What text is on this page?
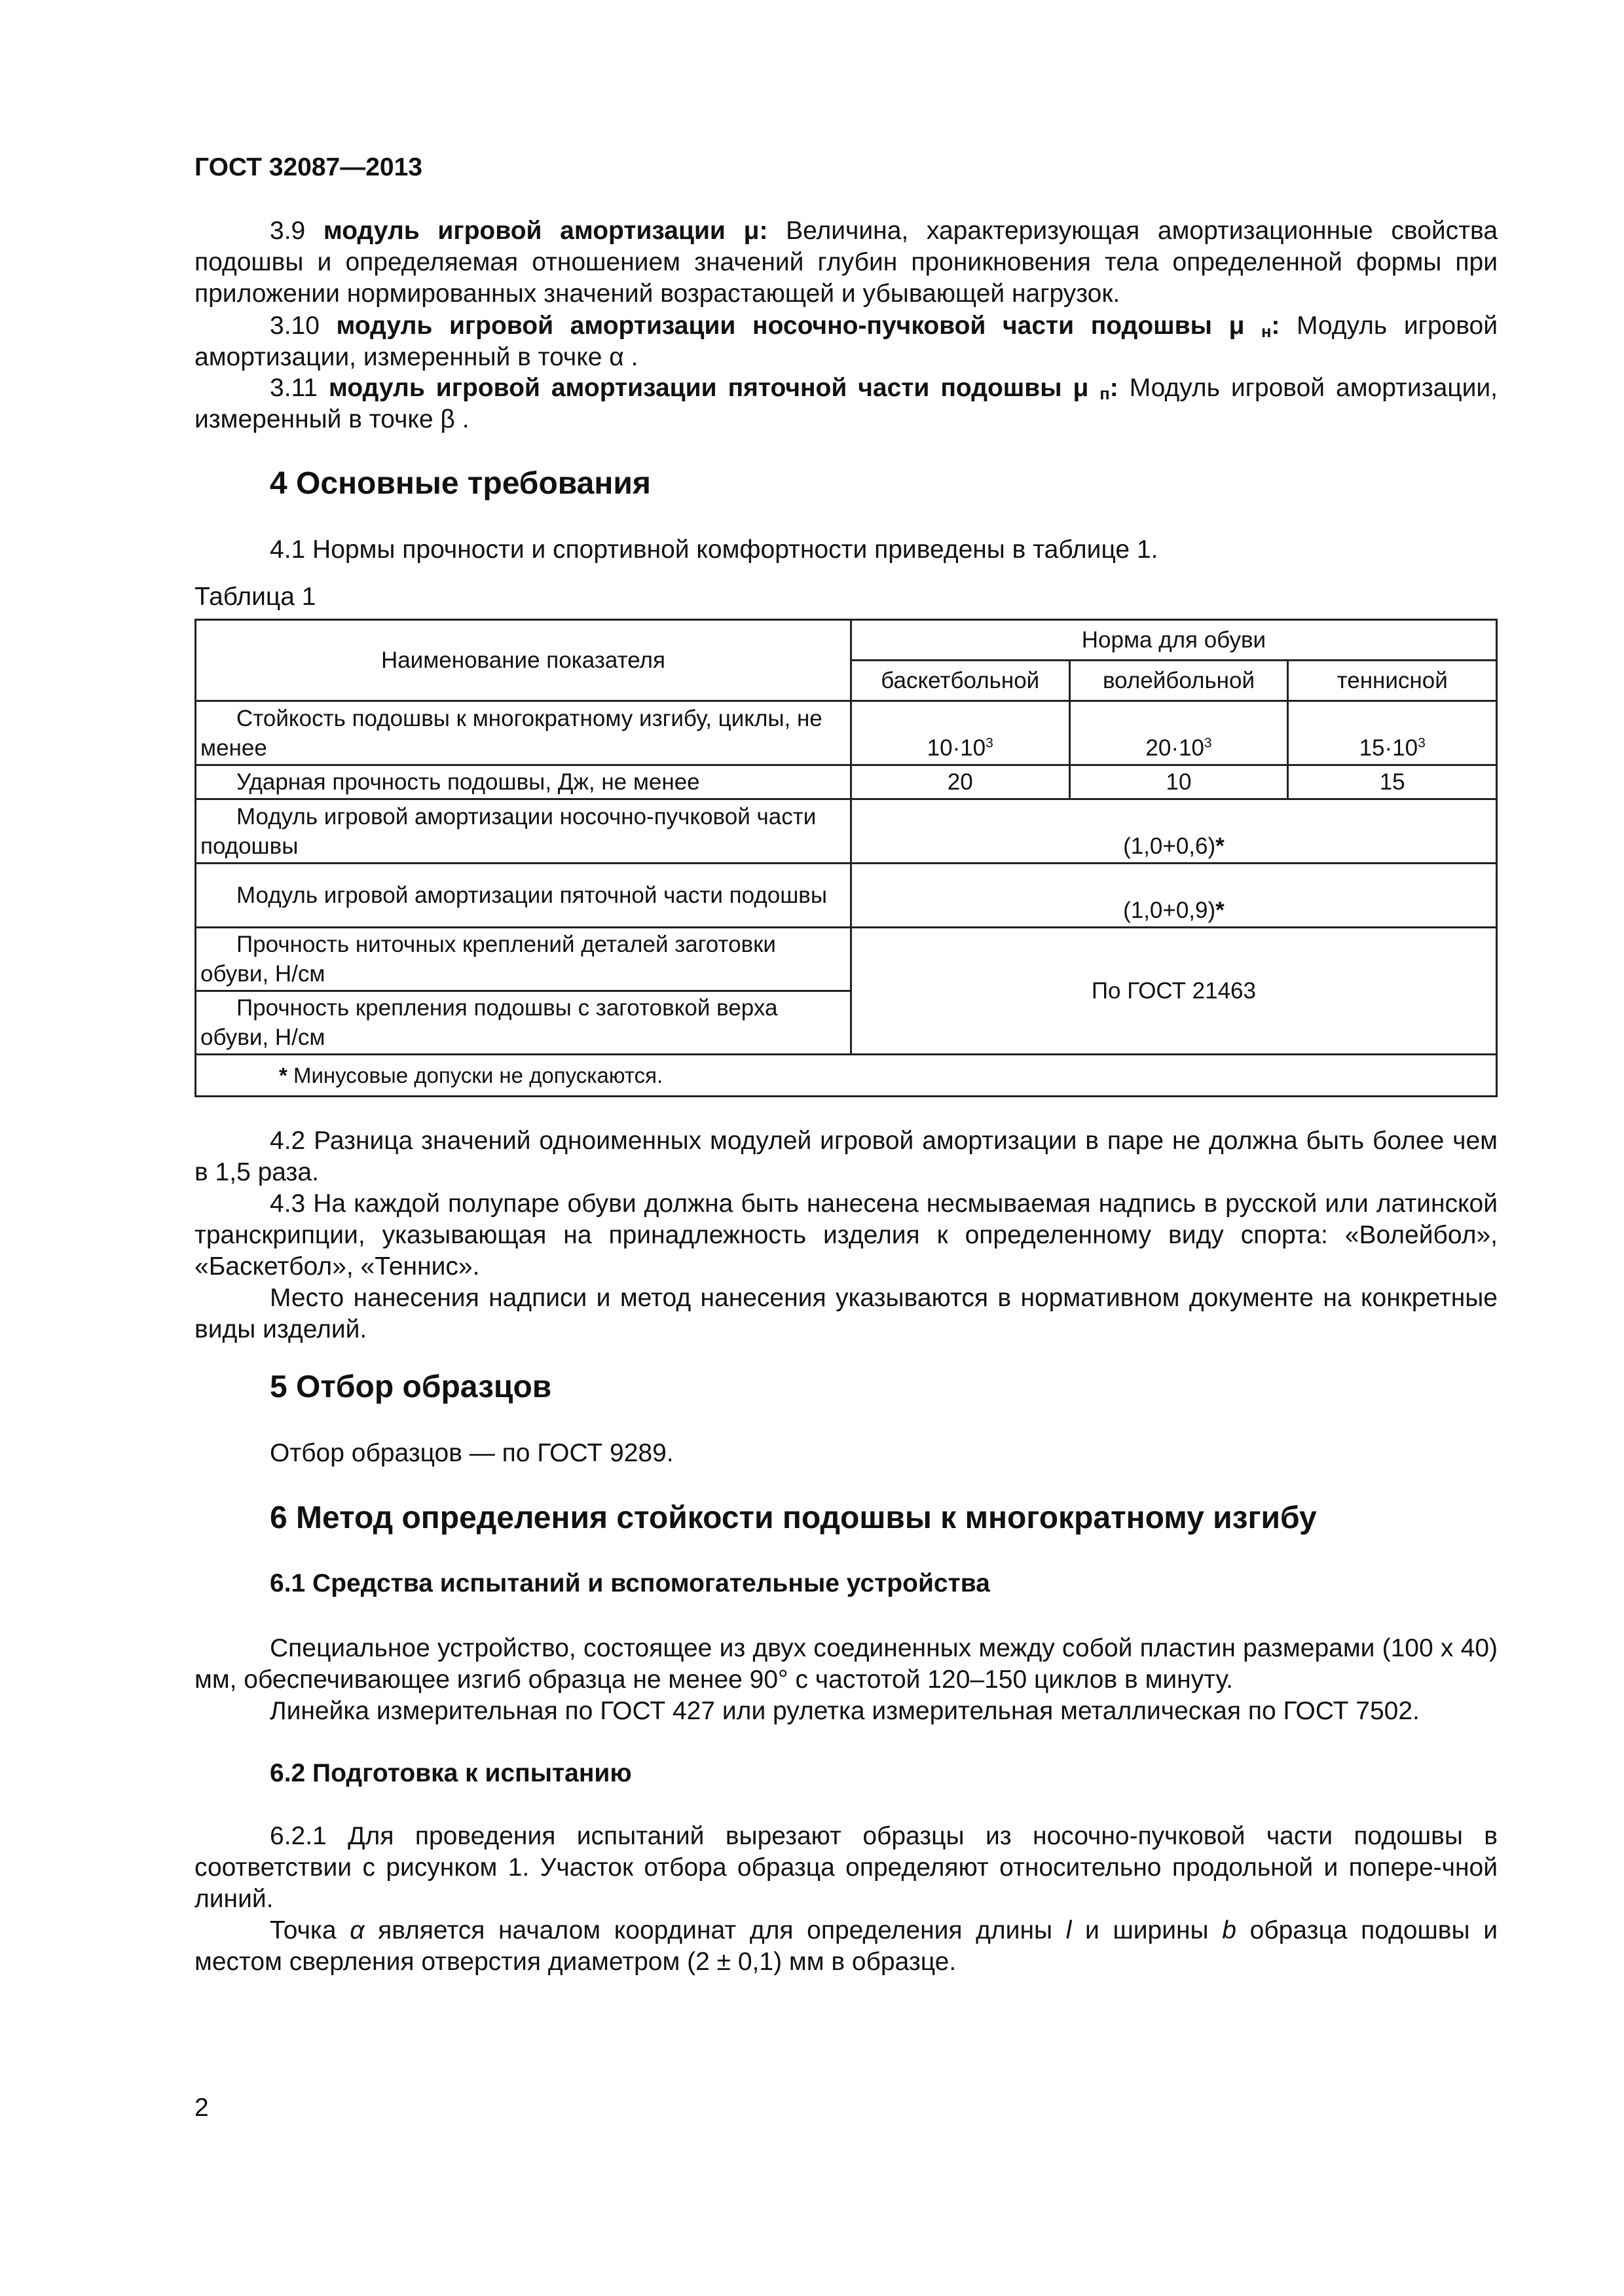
ГОСТ 32087—2013
3.9 модуль игровой амортизации μ: Величина, характеризующая амортизационные свойства подошвы и определяемая отношением значений глубин проникновения тела определенной формы при приложении нормированных значений возрастающей и убывающей нагрузок.
3.10 модуль игровой амортизации носочно-пучковой части подошвы μ $_н$: Модуль игровой амортизации, измеренный в точке α .
3.11 модуль игровой амортизации пяточной части подошвы μ $_п$: Модуль игровой амортизации, измеренный в точке β .
4 Основные требования
4.1 Нормы прочности и спортивной комфортности приведены в таблице 1.
Таблица 1
Наименование показателя	Норма для обуви		
	баскетбольной	волейбольной	теннисной
Стойкость подошвы к многократному изгибу, циклы, не менее	$10\cdot 10^3$	$20\cdot 10^3$	$15\cdot 10^3$
Ударная прочность подошвы, Дж, не менее	20	10	15
Модуль игровой амортизации носочно-пучковой части подошвы	(1,0+0,6)*		
Модуль игровой амортизации пяточной части подошвы	(1,0+0,9)*		
Прочность ниточных креплений деталей заготовки обуви, Н/см	По ГОСТ 21463		
Прочность крепления подошвы с заготовкой верха обуви, Н/см			
* Минусовые допуски не допускаются.			
4.2 Разница значений одноименных модулей игровой амортизации в паре не должна быть более чем в 1,5 раза.
4.3 На каждой полупаре обуви должна быть нанесена несмываемая надпись в русской или латинской транскрипции, указывающая на принадлежность изделия к определенному виду спорта: «Волейбол», «Баскетбол», «Теннис».
Место нанесения надписи и метод нанесения указываются в нормативном документе на конкретные виды изделий.
5 Отбор образцов
Отбор образцов — по ГОСТ 9289.
6 Метод определения стойкости подошвы к многократному изгибу
6.1 Средства испытаний и вспомогательные устройства
Специальное устройство, состоящее из двух соединенных между собой пластин размерами (100 х 40) мм, обеспечивающее изгиб образца не менее 90° с частотой 120–150 циклов в минуту.
Линейка измерительная по ГОСТ 427 или рулетка измерительная металлическая по ГОСТ 7502.
6.2 Подготовка к испытанию
6.2.1 Для проведения испытаний вырезают образцы из носочно-пучковой части подошвы в соответствии с рисунком 1. Участок отбора образца определяют относительно продольной и попере-чной линий.
Точка α является началом координат для определения длины l и ширины b образца подошвы и местом сверления отверстия диаметром (2 ± 0,1) мм в образце.
2
